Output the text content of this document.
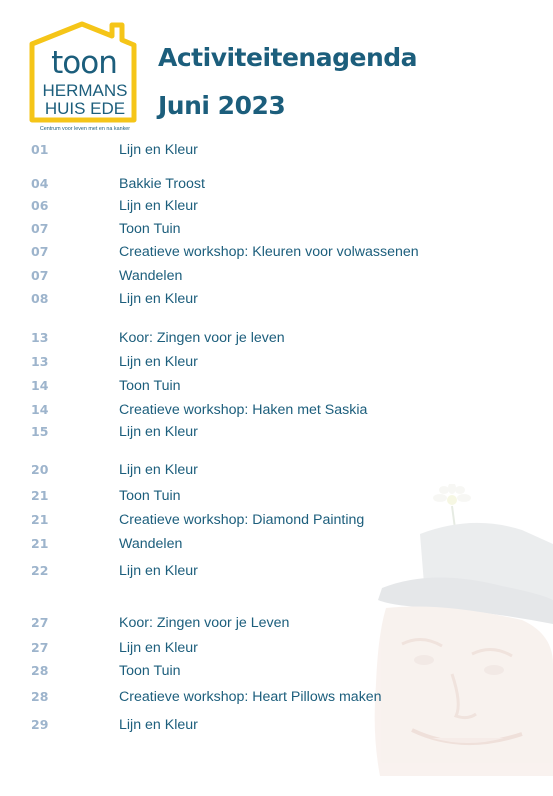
toon
HERMANS
HUIS EDE
Centrum voor leven met en na kanker
Activiteitenagenda
Juni 2023
01	Lijn en Kleur
04	Bakkie Troost
06	Lijn en Kleur
07	Toon Tuin
07	Creatieve workshop: Kleuren voor volwassenen
07	Wandelen
08	Lijn en Kleur
13	Koor: Zingen voor je leven
13	Lijn en Kleur
14	Toon Tuin
14	Creatieve workshop: Haken met Saskia
15	Lijn en Kleur
20	Lijn en Kleur
21	Toon Tuin
21	Creatieve workshop: Diamond Painting
21	Wandelen
22	Lijn en Kleur
27	Koor: Zingen voor je Leven
27	Lijn en Kleur
28	Toon Tuin
28	Creatieve workshop: Heart Pillows maken
29	Lijn en Kleur
